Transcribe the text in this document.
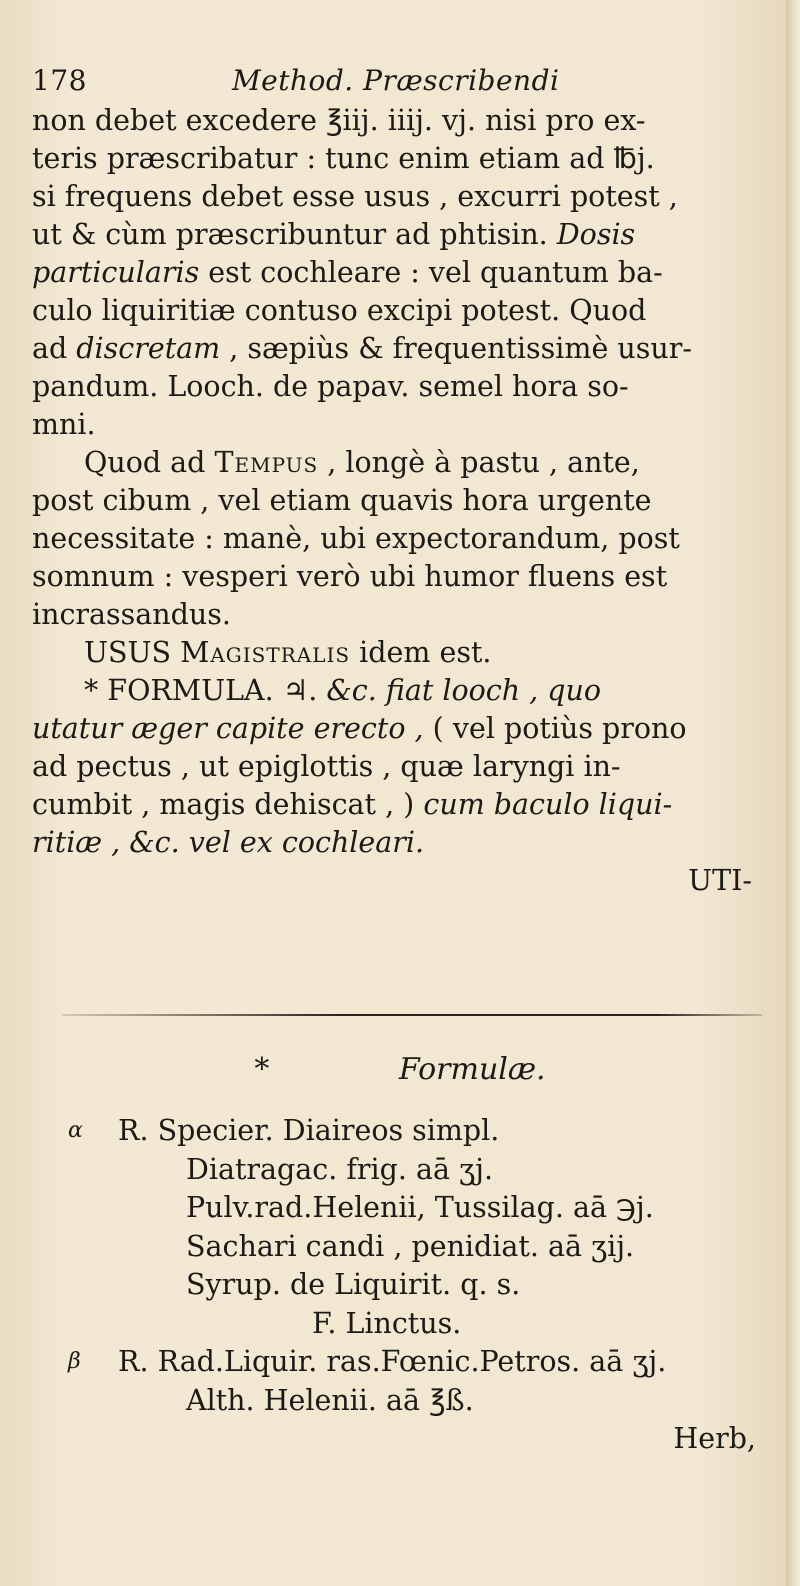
178	Method. Præscribendi
non debet excedere ℥iij. iiij. vj. nisi pro ex-
teris præscribatur : tunc enim etiam ad ℔j.
si frequens debet esse usus , excurri potest ,
ut & cùm præscribuntur ad phtisin. Dosis
particularis est cochleare : vel quantum ba-
culo liquiritiæ contuso excipi potest. Quod
ad discretam , sæpiùs & frequentissimè usur-
pandum. Looch. de papav. semel hora so-
mni.
Quod ad Tempus , longè à pastu , ante,
post cibum , vel etiam quavis hora urgente
necessitate : manè, ubi expectorandum, post
somnum : vesperi verò ubi humor fluens est
incrassandus.
USUS Magistralis idem est.
* FORMULA. ♃. &c. fiat looch , quo
utatur æger capite erecto , ( vel potiùs prono
ad pectus , ut epiglottis , quæ laryngi in-
cumbit , magis dehiscat , ) cum baculo liqui-
ritiæ , &c. vel ex cochleari.
UTI-
*	Formulæ.
α R. Specier. Diaireos simpl.
Diatragac. frig. aā ʒj.
Pulv.rad.Helenii, Tussilag. aā ℈j.
Sachari candi , penidiat. aā ʒij.
Syrup. de Liquirit. q. s.
F. Linctus.
β R. Rad.Liquir. ras.Fœnic.Petros. aā ʒj.
Alth. Helenii. aā ℥ß.
Herb,
